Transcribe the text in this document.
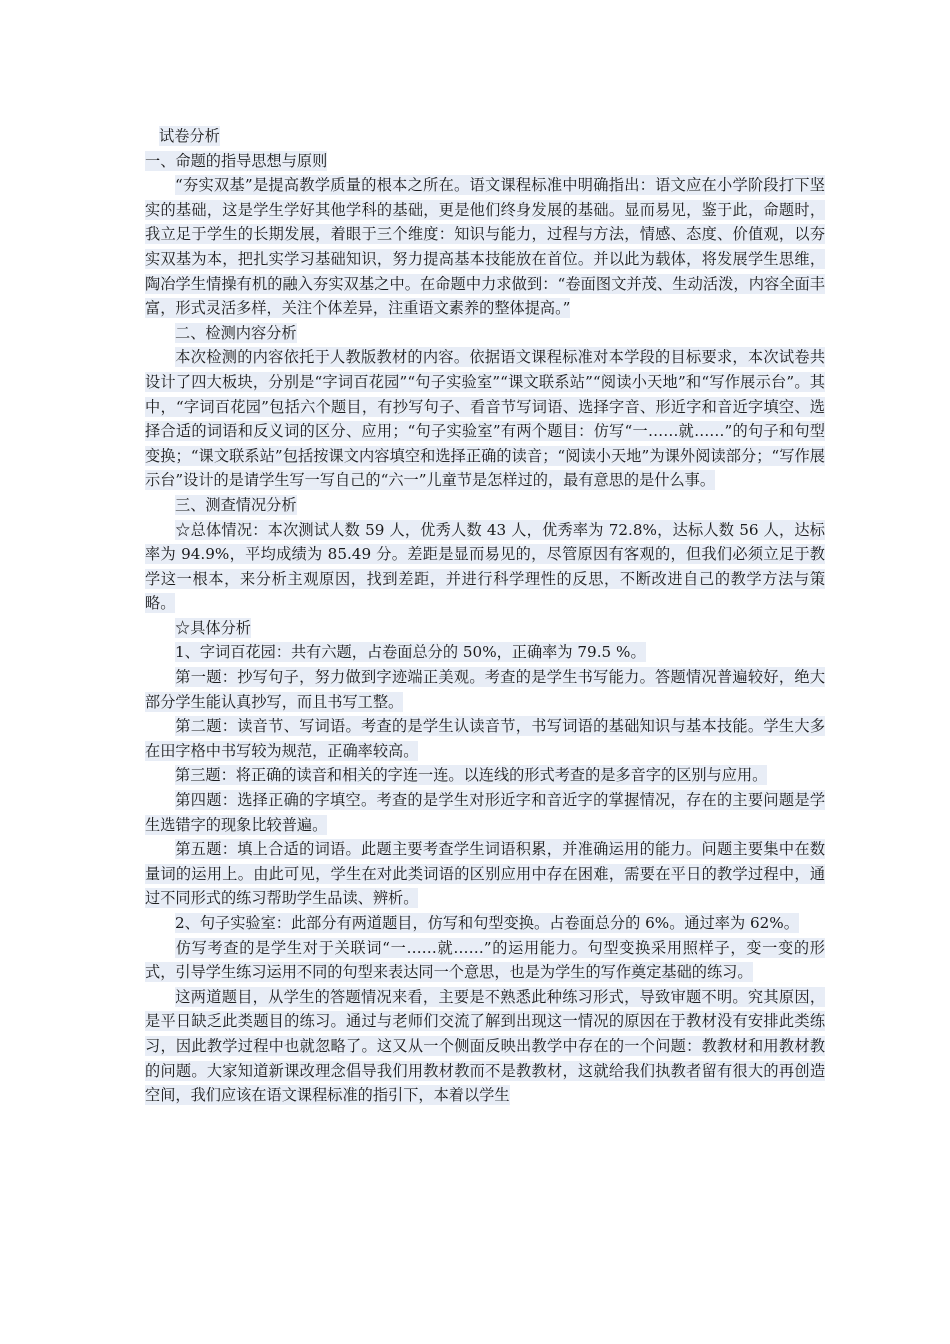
试卷分析

一、命题的指导思想与原则

“夯实双基”是提高教学质量的根本之所在。语文课程标准中明确指出：语文应在小学阶段打下坚实的基础，这是学生学好其他学科的基础，更是他们终身发展的基础。显而易见，鉴于此，命题时，我立足于学生的长期发展，着眼于三个维度：知识与能力，过程与方法，情感、态度、价值观，以夯实双基为本，把扎实学习基础知识，努力提高基本技能放在首位。并以此为载体，将发展学生思维，陶冶学生情操有机的融入夯实双基之中。在命题中力求做到：“卷面图文并茂、生动活泼，内容全面丰富，形式灵活多样，关注个体差异，注重语文素养的整体提高。”

二、检测内容分析

本次检测的内容依托于人教版教材的内容。依据语文课程标准对本学段的目标要求，本次试卷共设计了四大板块，分别是“字词百花园”“句子实验室”“课文联系站”“阅读小天地”和“写作展示台”。其中，“字词百花园”包括六个题目，有抄写句子、看音节写词语、选择字音、形近字和音近字填空、选择合适的词语和反义词的区分、应用；“句子实验室”有两个题目：仿写“一……就……”的句子和句型变换；“课文联系站”包括按课文内容填空和选择正确的读音；“阅读小天地”为课外阅读部分；“写作展示台”设计的是请学生写一写自己的“六一”儿童节是怎样过的，最有意思的是什么事。

三、测查情况分析

☆总体情况：本次测试人数 59 人，优秀人数 43 人，优秀率为 72.8%，达标人数 56 人，达标率为 94.9%，平均成绩为 85.49 分。差距是显而易见的，尽管原因有客观的，但我们必须立足于教学这一根本，来分析主观原因，找到差距，并进行科学理性的反思，不断改进自己的教学方法与策略。

☆具体分析

1、字词百花园：共有六题，占卷面总分的 50%，正确率为 79.5 %。

第一题：抄写句子，努力做到字迹端正美观。考查的是学生书写能力。答题情况普遍较好，绝大部分学生能认真抄写，而且书写工整。

第二题：读音节、写词语。考查的是学生认读音节，书写词语的基础知识与基本技能。学生大多在田字格中书写较为规范，正确率较高。

第三题：将正确的读音和相关的字连一连。以连线的形式考查的是多音字的区别与应用。

第四题：选择正确的字填空。考查的是学生对形近字和音近字的掌握情况，存在的主要问题是学生选错字的现象比较普遍。

第五题：填上合适的词语。此题主要考查学生词语积累，并准确运用的能力。问题主要集中在数量词的运用上。由此可见，学生在对此类词语的区别应用中存在困难，需要在平日的教学过程中，通过不同形式的练习帮助学生品读、辨析。

2、句子实验室：此部分有两道题目，仿写和句型变换。占卷面总分的 6%。通过率为 62%。

仿写考查的是学生对于关联词“一……就……”的运用能力。句型变换采用照样子，变一变的形式，引导学生练习运用不同的句型来表达同一个意思，也是为学生的写作奠定基础的练习。

这两道题目，从学生的答题情况来看，主要是不熟悉此种练习形式，导致审题不明。究其原因，是平日缺乏此类题目的练习。通过与老师们交流了解到出现这一情况的原因在于教材没有安排此类练习，因此教学过程中也就忽略了。这又从一个侧面反映出教学中存在的一个问题：教教材和用教材教的问题。大家知道新课改理念倡导我们用教材教而不是教教材，这就给我们执教者留有很大的再创造空间，我们应该在语文课程标准的指引下，本着以学生
